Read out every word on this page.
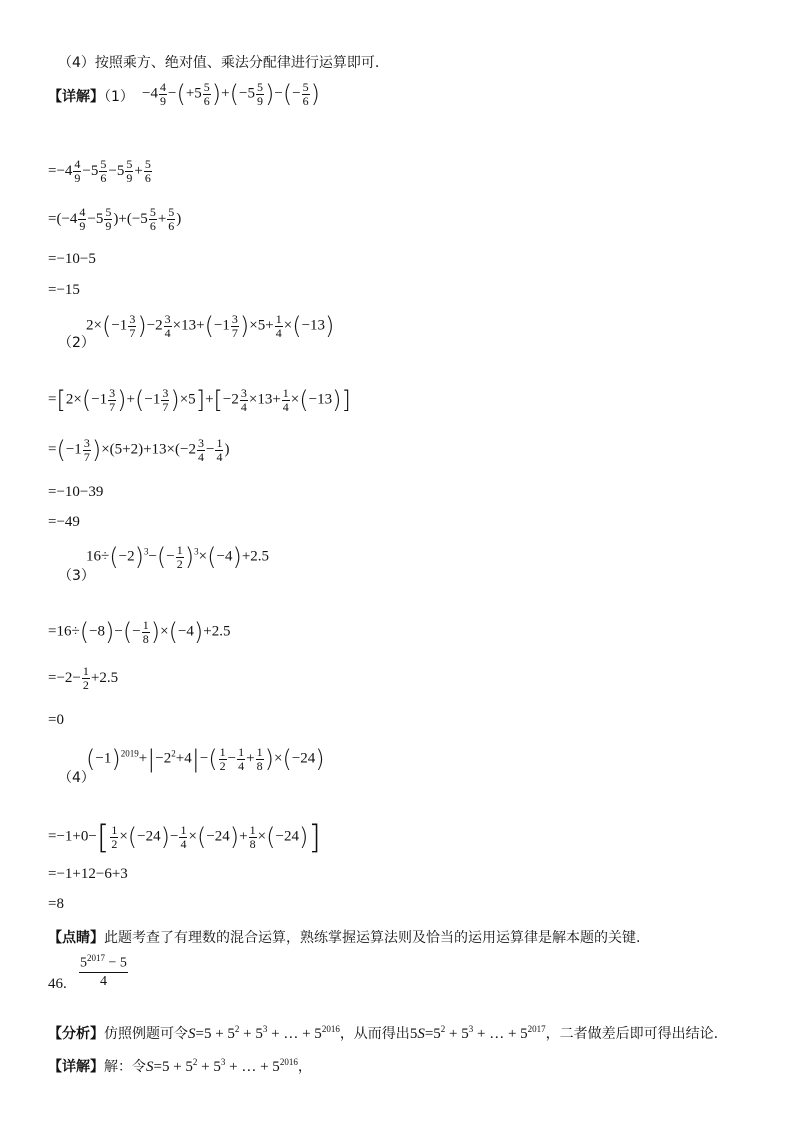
（4）按照乘方、绝对值、乘法分配律进行运算即可.
【详解】$(1) -4 \frac{4}{9} -(+5 \frac{5}{6} )+(-5 \frac{5}{9}$ )−(− $\frac{5}{6}$ )
$=-4 \frac{4}{9} -5 \frac{5}{6} -5 \frac{5}{9} + \frac{5}{6}$
$=(-4 \frac{4}{9} -5 \frac{5}{9} )+(-5 \frac{5}{6} + \frac{5}{6}$ )
=−10−5
=−15
（2）
$2\times(-1 \frac{3}{7} )-2 \frac{3}{4} \times 13+(-1 \frac{3}{7} )\times 5+ \frac{1}{4} \times(-13)$
$=[2\times(-1 \frac{3}{7} )+(-1 \frac{3}{7} )\times 5]+[-2 \frac{3}{4} \times 13+ \frac{1}{4} \times(-13)]$
$=(-1 \frac{3}{7} )\times(5+2)+13\times(-2 \frac{3}{4} - \frac{1}{4}$ )
=−10−39
=−49
（3）
$16\div(-2)^3-(- \frac{1}{2} )^3\times(-4)+2.5$
$=16\div(-8)-(- \frac{1}{8} )\times(-4)+2.5$
$=-2- \frac{1}{2} +2.5$
=0
（4）
$(-1)^{2019}+|-2^2+4|-( \frac{1}{2} - \frac{1}{4} + \frac{1}{8} )\times(-24)$
$=-1+0-[ \frac{1}{2} \times(-24)- \frac{1}{4} \times(-24)+ \frac{1}{8} \times(-24)]$
=−1+12−6+3
=8
【点睛】此题考查了有理数的混合运算，熟练掌握运算法则及恰当的运用运算律是解本题的关键.
46. $\frac{5^{2017} - 5}{4}$
【分析】仿照例题可令$S=5 + 5^2 + 5^3$ + … + $5^{2016}$，从而得出$5S=5^2 + 5^3$ + … + $5^{2017}$，二者做差后即可得出结论.
【详解】解：令$S=5 + 5^2 + 5^3$ + … + $5^{2016}$，
